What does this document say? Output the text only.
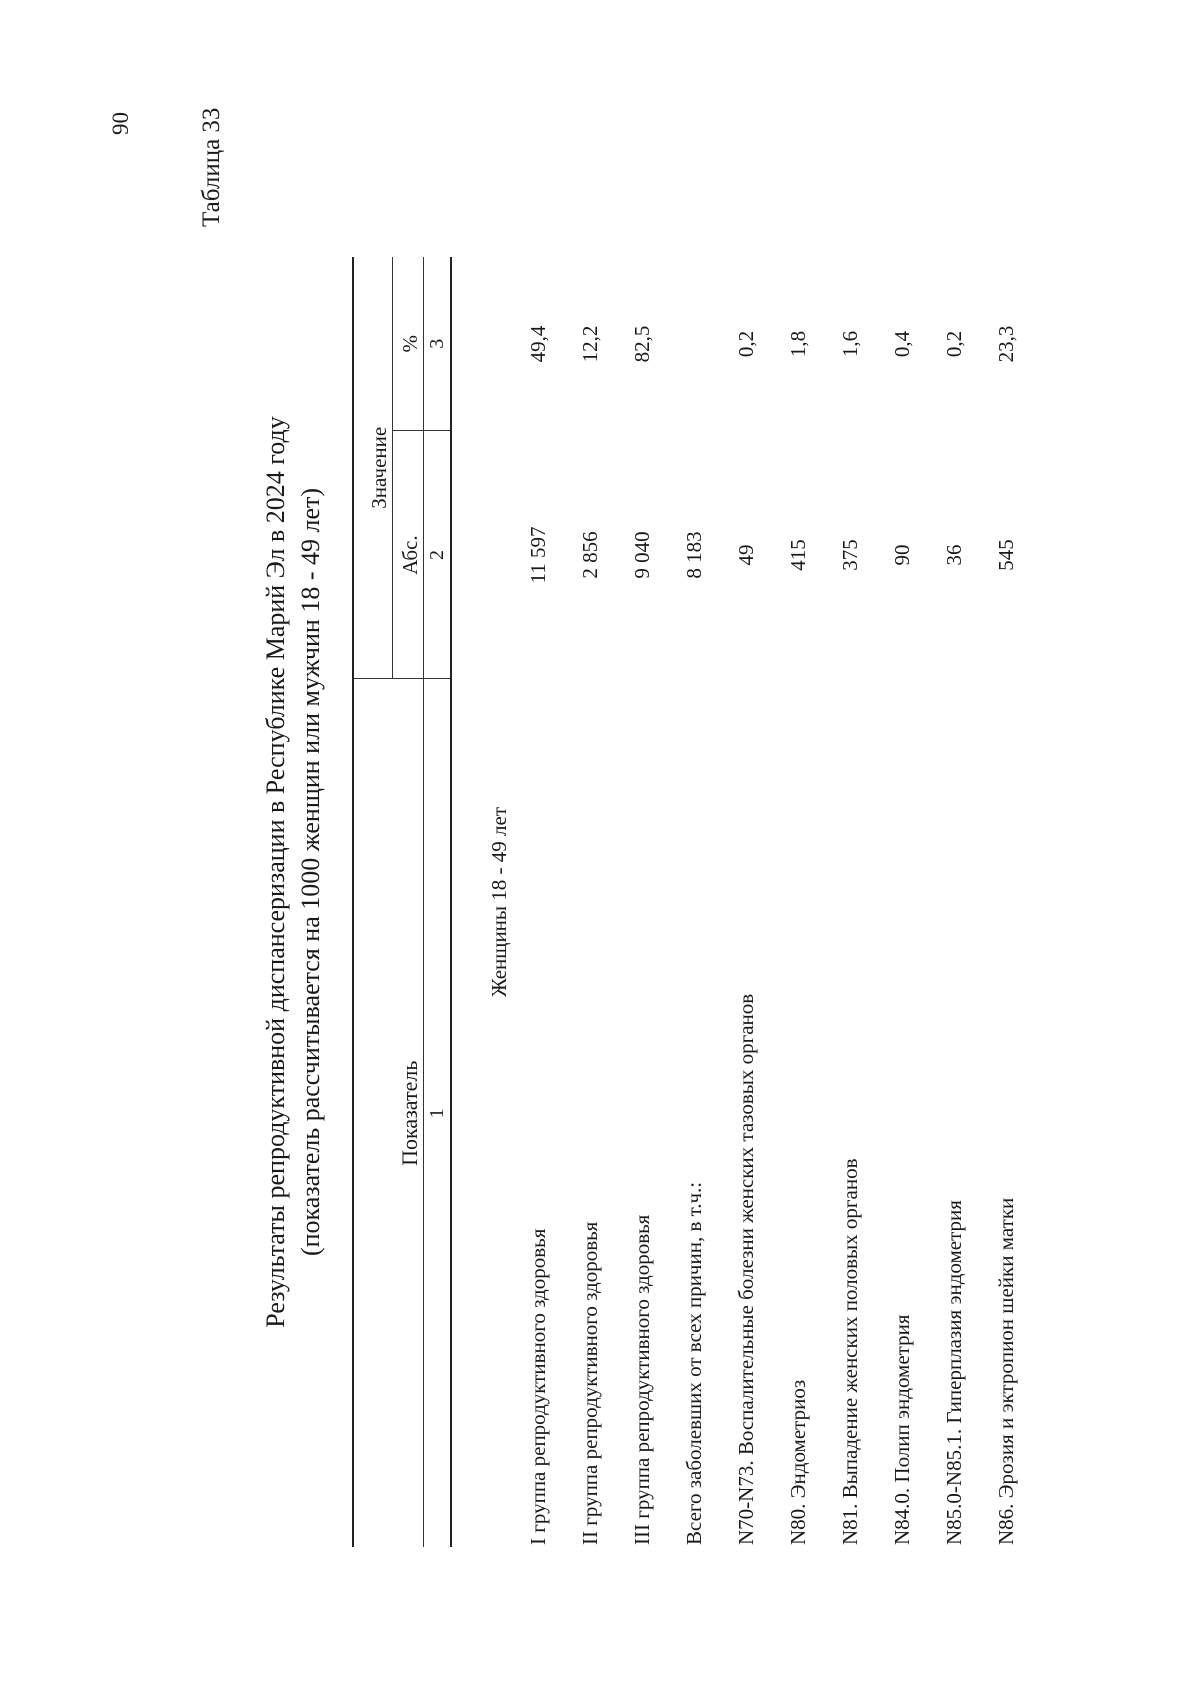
90	Таблица 33
Результаты репродуктивной диспансеризации в Республике Марий Эл в 2024 году (показатель рассчитывается на 1000 женщин или мужчин 18 - 49 лет)	Показатель	Значение	
	Абс.	%
1	2	3
Женщины 18 - 49 лет		
I группа репродуктивного здоровья	11 597	49,4
II группа репродуктивного здоровья	2 856	12,2
III группа репродуктивного здоровья	9 040	82,5
Всего заболевших от всех причин, в т.ч.:	8 183	
N70-N73. Воспалительные болезни женских тазовых органов	49	0,2
N80. Эндометриоз	415	1,8
N81. Выпадение женских половых органов	375	1,6
N84.0. Полип эндометрия	90	0,4
N85.0-N85.1. Гиперплазия эндометрия	36	0,2
N86. Эрозия и эктропион шейки матки	545	23,3
